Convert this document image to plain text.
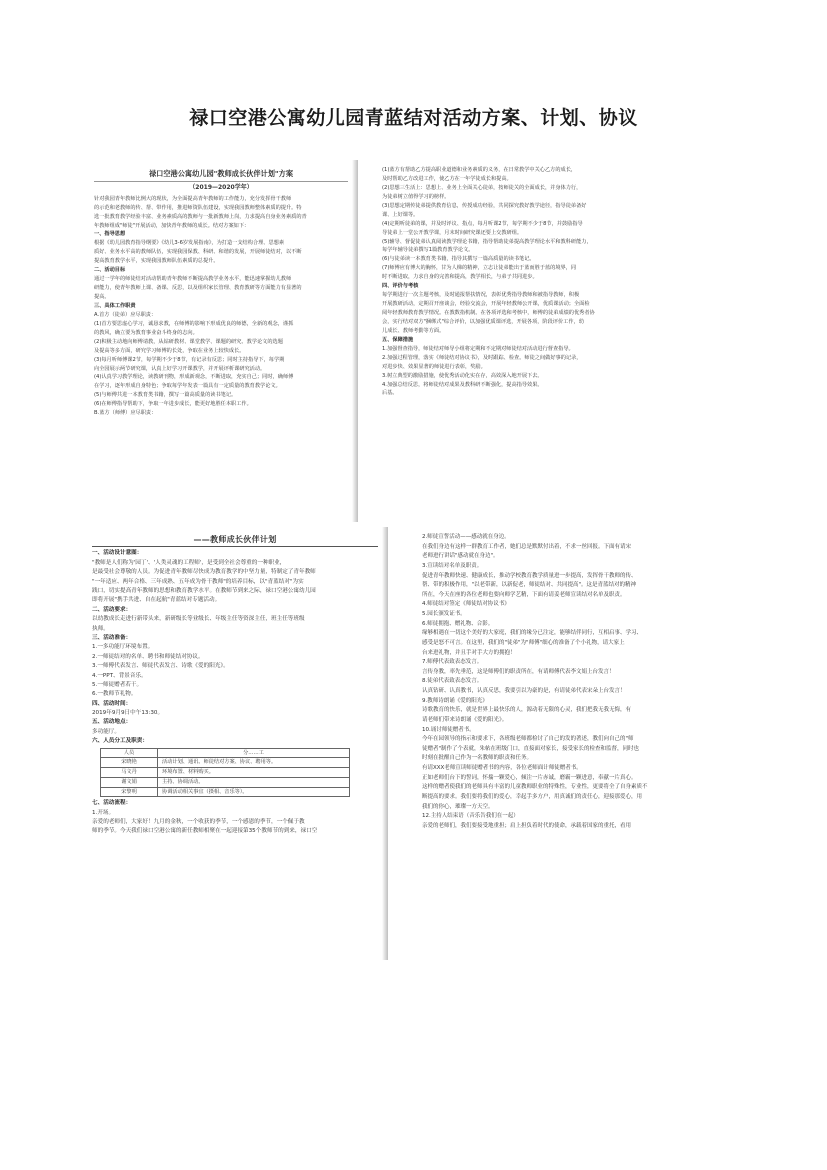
禄口空港公寓幼儿园青蓝结对活动方案、计划、协议
禄口空港公寓幼儿园"教师成长伙伴计划"方案
（2019—2020学年）
针对我园青年教师比例大的现状，为全面提高青年教师的工作能力，充分发挥骨干教师
的示范和老教师的传、帮、带作用，推进师资队伍建设，实现我园教师整体素质的提升。特
选一批教育教学经验丰富、业务素质高的教师与一批新教师上岗，力求提高自身业务素质的青
年教师组成"师徒"开展活动，加快青年教师的成长。结对方案如下：
一、指导思想
根据《幼儿园教育指导纲要》《幼儿3-6岁发展指南》，为打造一支结构合理、思想素
质好、业务水平高的教师队伍，实现我园保教、科研、和谐的发展，开展师徒结对，以不断
提高教育教学水平，实现我园教师队伍素质的总提升。
二、活动目标
通过一学年的师徒结对活动帮助青年教师不断提高教学业务水平，能迅速掌握幼儿教师
研能力，使青年教师上课、备课、反思，以及组织家长管理、教育教研等方面能力有显著的
提高。
三、具体工作职责
A.首方（徒弟）应尽职责：
(1)首方要思虚心学习，诚恳求教，在师傅的影响下形成优良的师德，全新的观念，谨抓
的教风，确立要为教育事业奋斗终身的志向。
(2)积极主动地向师傅请教，从钻研教材、课堂教学、课题的研究、教学论文的选题
及提高等多方面，研究学习师傅的长处，争取在业务上较快成长。
(3)每月听师傅课2节，每学期不少于8节，有记录有反思；同时主持指导下，每学期
向全园展示两节研究课，认真上好学习开课教学，并开展评析课研究活动。
(4)认真学习教学理论，读教研刊物，形成新观念，不断进取，充实自己；同时，确师傅
在学习，逐年形成自身特色；争取每学年发表一篇具有一定质量的教育教学论文。
(5)与师傅共进一本教育类书籍，撰写一篇高质量的读书笔记。
(6)在师傅指导帮助下，争取一年进步成长，能更好地胜任本职工作。
B.蓝方（师傅）应尽职责：
(1)蓝方有帮助乙方提高职业道德和业务素质的义务，在日常教学中关心乙方的成长，
及时帮助乙方改进工作，使乙方在一年学徒成长和提高。
(2)思想三生活上：思想上、业务上全面关心徒弟，按师徒关的全面成长，并身体力行，
为徒弟树立值得学习的榜样。
(3)思想定期传徒弟提供教育信息，传授成功经验，共同探究教好教学途径，指导徒弟备好
课、上好课等。
(4)定期听徒弟的课，并及时评议、指点，每月听课2节，每学期不少于8节，并鼓励指导
导徒弟上一堂公开教学课，月末时间研究课还要上交教研组。
(5)辅导、督促徒弟认真阅读教学理论书籍，指导帮助徒弟提高教学理论水平和教科研能力，
每学年辅导徒弟撰写1篇教育教学论文。
(6)与徒弟读一本教育类书籍，指导其撰写一篇高质量的读书笔记。
(7)师傅应有博大的胸怀，甘为人梯的精神，立志让徒弟能出于蓝而胜于蓝的境界，同
时不断进取，力求自身的完善和提高，教学相长，与弟子共同进步。
四、评价与考核
每学期进行一次主题考核，及时通报帮扶情况，表彰优秀指导教师和被指导教师，积极
开展教研活动，定期召开座谈会，经验交流会，开展年轻教师公开课，优质课活动；全面检
阅年轻教师教育教学情况。在教数指机制。在各项评选和考核中，师傅的徒弟成绩的优秀者协
会，实行结对双方"捆绑式"综合评价，以加强优质课评选，开展各项，阶段评价工作，幼
儿成长、教师考勤等方面。
五、保障措施
1.加强督查指导，师徒结对师导小组将定期和不定期对师徒结对活动进行督查指导。
2.加强过程管理，落实《师徒结对协议书》，及时跟踪、检查。师徒之间做好事的记录，
对进步快、效果显著的师徒进行表彰，奖励。
3.树立典型的激励措施，使优秀活动化实在存，高效深入地开展下去。
4.加强总结反思，将师徒结对成果及教科研不断强化，提高指导效果。
后基。
——教师成长伙伴计划
一、活动设计意图：
"教师是人们称为'园丁'、'人类灵魂的工程师'，是受到全社会尊重的一种职业，
是最受社会尊敬的人员。为促进青年教师尽快成为教育教学的中坚力量，特制定了青年教师
"一年适应、两年合格、三年成熟、五年成为骨干教师"的培养目标，以"青蓝结对"为实
践口，切实提高青年教师的思想和教育教学水平。在教师节到来之际，禄口空港公寓幼儿园
即将开展"携手共进、自在起航"青蓝结对专题活动。
二、活动要求：
以幼教成长走进行新带头来，新研级长等业级长、年级主任等资深主任，班主任等班级
执师。
三、活动准备：
1.一多功能厅环境布置。
2.一师徒结对的名单、聘书和师徒结对协议。
3.一师傅代表发言、师徒代表发言、诗歌《爱的阳光》。
4.一PPT、背景音乐。
5.一师徒赠者若干。
6.一教师节礼物。
四、活动时间：
2019年9月9日中午13:30。
五、活动地点：
多功能厅。
六、人员分工及职责：
人员	分……工
宋晓艳	活动计划、通讯、师徒结对方案、协议、聘用等。
马文丹	环境布置、材料购买。
谢文娟	主持、协调活动。
宋黎明	协调活动相关事宜（摄相、音乐等）。
七、活动流程：
1.开场。
亲爱的老师们，大家好！九月的金秋，一个收获的季节，一个感恩的季节，一个佩于教
师的季节。今天我们禄口空港公寓的新任教师相聚在一起迎接第35个教师节的到来，禄口空
2.师徒宣誓活动——感动就在身边。
在我们身边有这样一群教育工作者，她们总是默默付出着，不求一丝回报。下面有请宋
老师进行讲话"感动就在身边"。
3.宣读结对名单及职责。
促进青年教师快速、健康成长，推动学校教育教学质量进一步提高，发挥骨干教师的传、
帮、带的积极作用，"以老带新，以新促老，师徒结对、共同提高"。这是青蓝结对的精神
所在，今天在座的各位老师也要向师学艺精，下面有请姜老师宣读结对名单及职责。
4.师徒结对签定《师徒结对协议书》
5.园长颁发证书。
6.师徒拥抱、赠礼物、合影。
缘够相遇在一切这个美好的大家庭，我们的缘分已注定，能够结伴同行，互相启事、学习、
感受是怒不可言。在这里，我们的"徒弟"为"师傅"细心的准备了个小礼物，请大家上
台来进礼物，并且手对手大方的拥抱！
7.师傅代表致表态发言。
言传身教，率先垂范，这是师傅们的职责所在，有请师傅代表李文娟上台发言！
8.徒弟代表致表态发言。
认真钻研、认真教书，认真反思，我要引以为豪的是，有请徒弟代表宋朵上台发言！
9.教师诗朗诵《爱的阳光》
诗歌教育的快乐，就是世界上最快乐的人，源动着无限的心灵，我们把我无我无悔，有
请老师们带来诗朗诵《爱的阳光》。
10.诵讨师徒赠者书。
今年在园领导的指示和要求下，各班级老师都检讨了自己的发的著述，教们向自己的"师
徒赠者"制作了个表就，朱帖在班级门口，直接面对家长，接受家长的检查和监督，同时也
时刻在批醒自己作为一名教师的职责和任务。
有请XXX老师宣读师徒赠者书的内容，各位老师面计师徒赠者书。
正如老师们台下的誓词，怀揣一颗爱心，倾注一片赤诚，磨霸一颗进意，奉献一片真心。
这样的赠者使我们的老师具有丰富的儿童教师职业的特殊性，专业性，更要将全了自身素质不
断提高的要求。我们要将我们的爱心，幸起手多方户，用真诚们的责任心，迎接那爱心，用
我们的你心，璀璨一方天空。
12.主持人结束语（音乐告我们在一起）
亲爱的老师们，我们要接受地重担；肩上担负着时代的使命，承载着国家的重托，看用
